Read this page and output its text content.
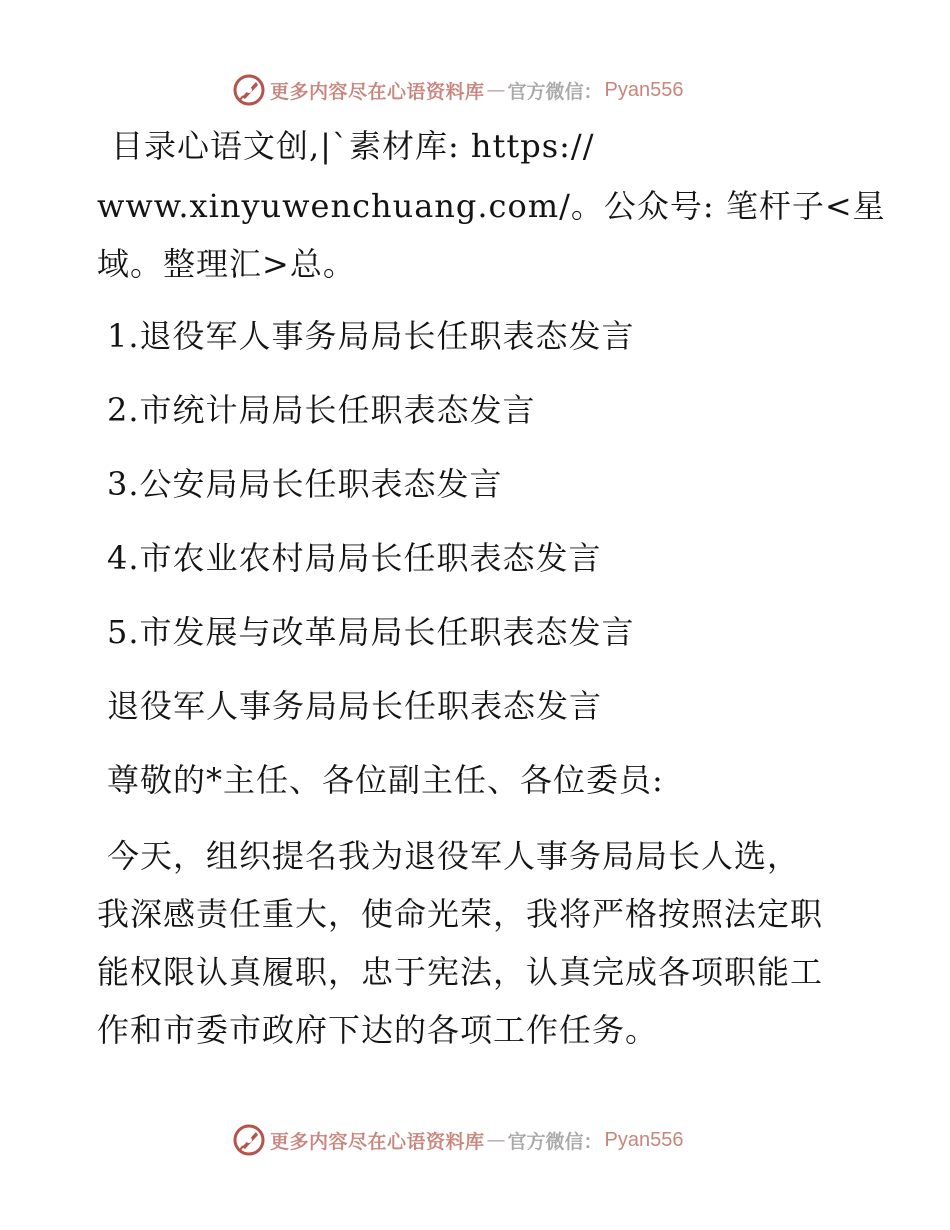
更多内容尽在心语资料库 — 官方微信： Pyan556
目录心语文创,|`素材库: https://
www.xinyuwenchuang.com/。公众号: 笔杆子<星
域。整理汇>总。
1.退役军人事务局局长任职表态发言
2.市统计局局长任职表态发言
3.公安局局长任职表态发言
4.市农业农村局局长任职表态发言
5.市发展与改革局局长任职表态发言
退役军人事务局局长任职表态发言
尊敬的*主任、各位副主任、各位委员:
今天，组织提名我为退役军人事务局局长人选，
我深感责任重大，使命光荣，我将严格按照法定职
能权限认真履职，忠于宪法，认真完成各项职能工
作和市委市政府下达的各项工作任务。
更多内容尽在心语资料库 — 官方微信： Pyan556
